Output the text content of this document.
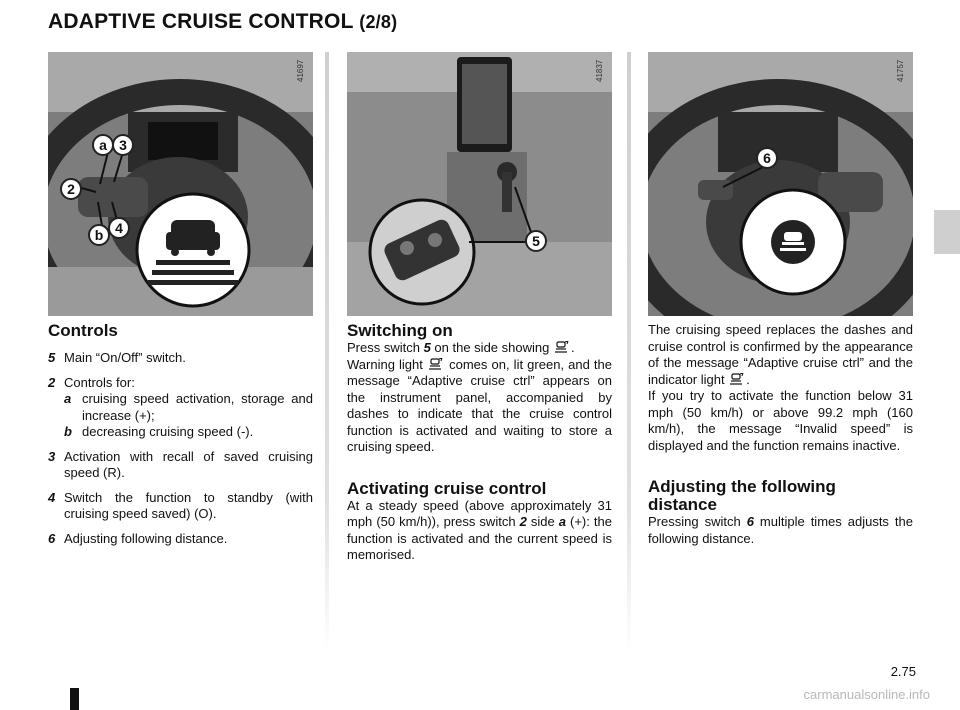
ADAPTIVE CRUISE CONTROL (2/8)
41697
a 3
2
b 4
41837
5
41757
6
Controls
5 Main “On/Off” switch.
2 Controls for:
a cruising speed activation, storage and increase (+);
b decreasing cruising speed (-).
3 Activation with recall of saved cruising speed (R).
4 Switch the function to standby (with cruising speed saved) (O).
6 Adjusting following distance.
Switching on

Press switch 5 on the side showing .

Warning light  comes on, lit green, and the message “Adaptive cruise ctrl” appears on the instrument panel, accompanied by dashes to indicate that the cruise control function is activated and waiting to store a cruising speed.

Activating cruise control

At a steady speed (above approximately 31 mph (50 km/h)), press switch 2 side a (+): the function is activated and the current speed is memorised.

The cruising speed replaces the dashes and cruise control is confirmed by the appearance of the message “Adaptive cruise ctrl” and the indicator light .

If you try to activate the function below 31 mph (50 km/h) or above 99.2 mph (160 km/h), the message “Invalid speed” is displayed and the function remains inactive.

Adjusting the following distance

Pressing switch 6 multiple times adjusts the following distance.

2.75
carmanualsonline.info
